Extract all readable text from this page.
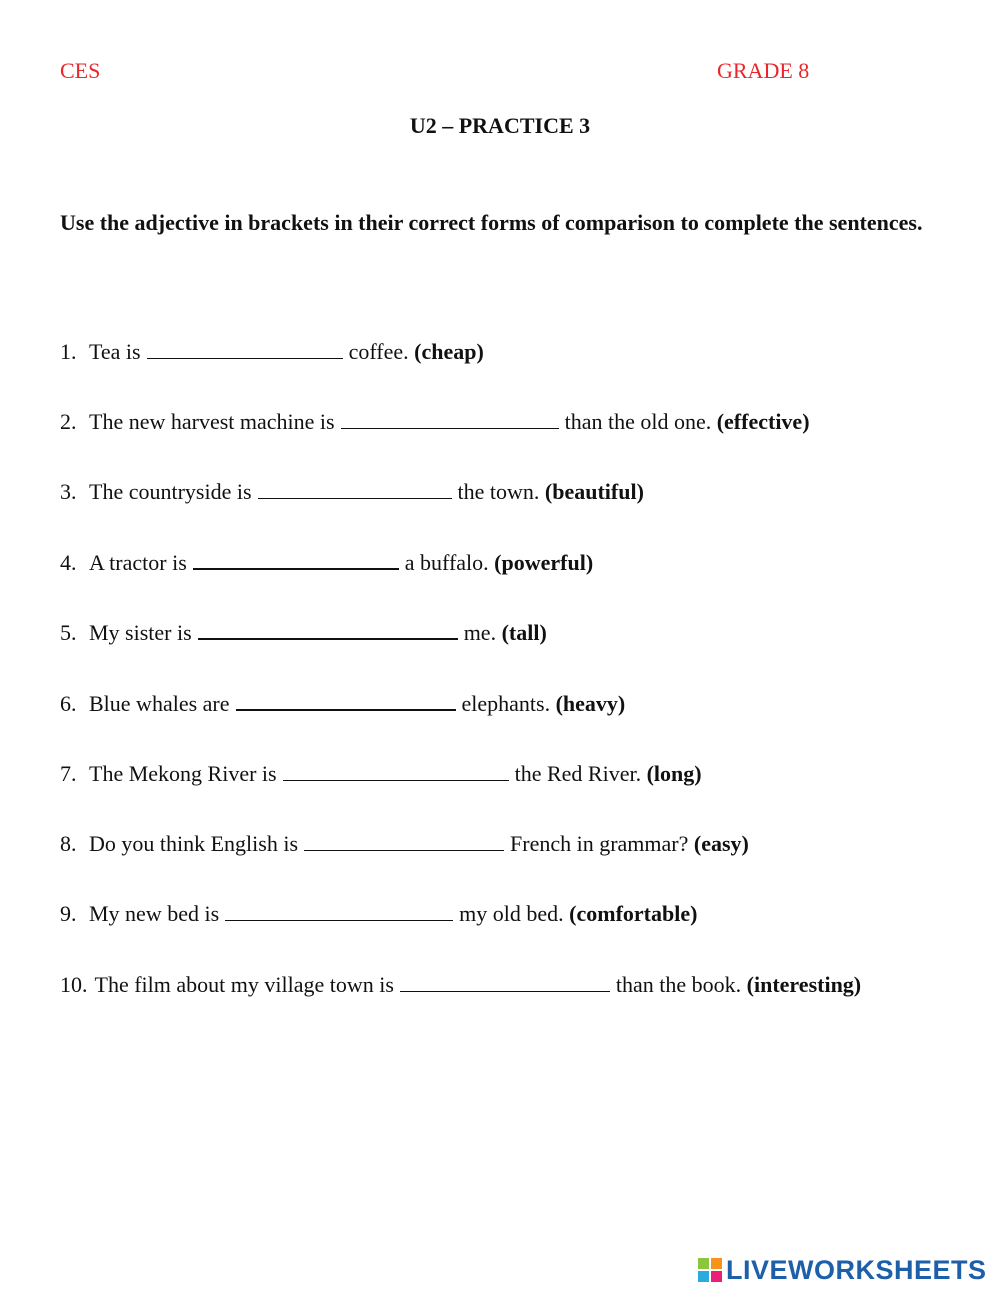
CES	GRADE 8
U2 – PRACTICE 3

Use the adjective in brackets in their correct forms of comparison to complete the sentences.

1. Tea is	coffee. (cheap)
2. The new harvest machine is	than the old one. (effective)
3. The countryside is	the town. (beautiful)
4. A tractor is	a buffalo. (powerful)
5. My sister is	me. (tall)
6. Blue whales are	elephants. (heavy)
7. The Mekong River is	the Red River. (long)
8. Do you think English is	French in grammar? (easy)
9. My new bed is	my old bed. (comfortable)
10. The film about my village town is	than the book. (interesting)
LIVEWORKSHEETS
